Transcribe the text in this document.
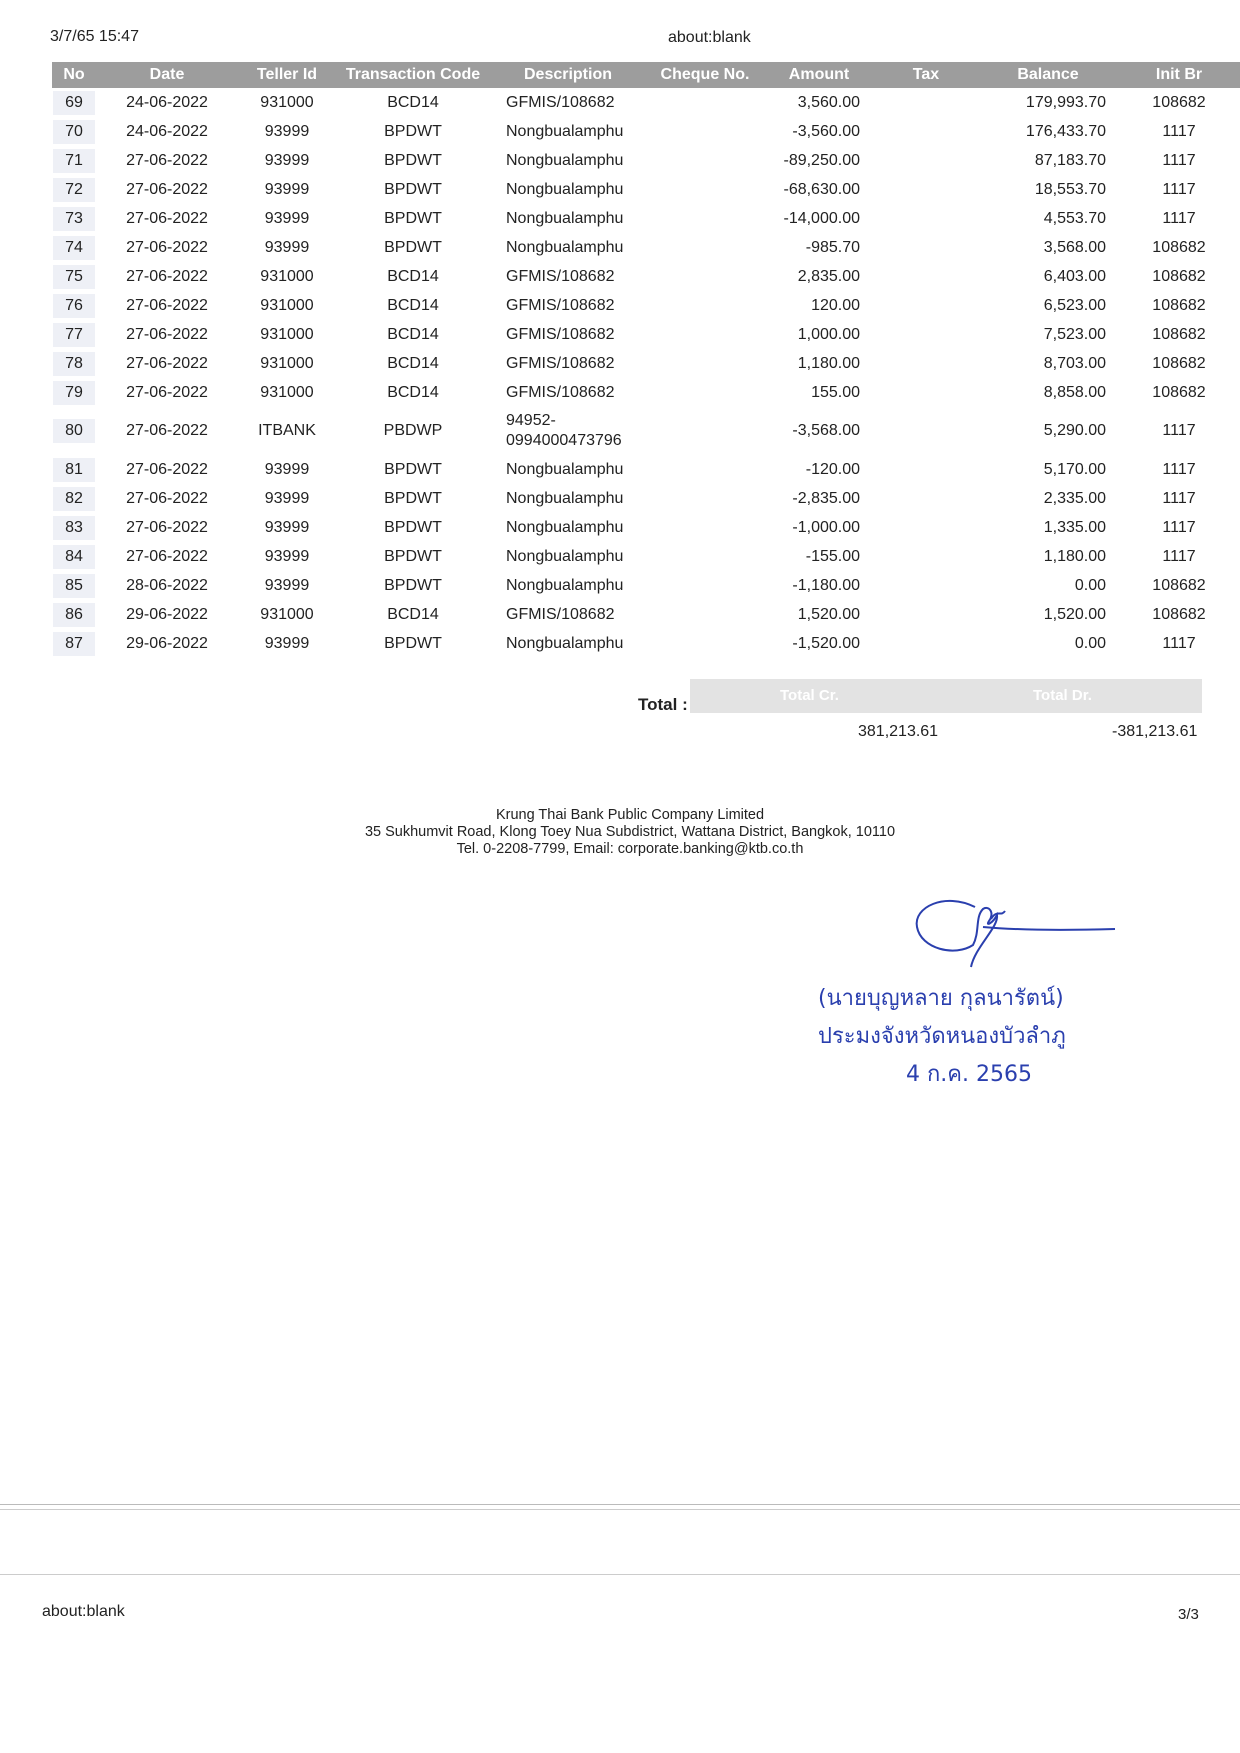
3/7/65 15:47	about:blank
No	Date	Teller Id	Transaction Code	Description	Cheque No.	Amount	Tax	Balance	Init Br
69	24-06-2022	931000	BCD14	GFMIS/108682		3,560.00		179,993.70	108682
70	24-06-2022	93999	BPDWT	Nongbualamphu		-3,560.00		176,433.70	1117
71	27-06-2022	93999	BPDWT	Nongbualamphu		-89,250.00		87,183.70	1117
72	27-06-2022	93999	BPDWT	Nongbualamphu		-68,630.00		18,553.70	1117
73	27-06-2022	93999	BPDWT	Nongbualamphu		-14,000.00		4,553.70	1117
74	27-06-2022	93999	BPDWT	Nongbualamphu		-985.70		3,568.00	108682
75	27-06-2022	931000	BCD14	GFMIS/108682		2,835.00		6,403.00	108682
76	27-06-2022	931000	BCD14	GFMIS/108682		120.00		6,523.00	108682
77	27-06-2022	931000	BCD14	GFMIS/108682		1,000.00		7,523.00	108682
78	27-06-2022	931000	BCD14	GFMIS/108682		1,180.00		8,703.00	108682
79	27-06-2022	931000	BCD14	GFMIS/108682		155.00		8,858.00	108682
80	27-06-2022	ITBANK	PBDWP	94952-
0994000473796		-3,568.00		5,290.00	1117
81	27-06-2022	93999	BPDWT	Nongbualamphu		-120.00		5,170.00	1117
82	27-06-2022	93999	BPDWT	Nongbualamphu		-2,835.00		2,335.00	1117
83	27-06-2022	93999	BPDWT	Nongbualamphu		-1,000.00		1,335.00	1117
84	27-06-2022	93999	BPDWT	Nongbualamphu		-155.00		1,180.00	1117
85	28-06-2022	93999	BPDWT	Nongbualamphu		-1,180.00		0.00	108682
86	29-06-2022	931000	BCD14	GFMIS/108682		1,520.00		1,520.00	108682
87	29-06-2022	93999	BPDWT	Nongbualamphu		-1,520.00		0.00	1117
Total :	Total Cr.	Total Dr.
381,213.61	-381,213.61
Krung Thai Bank Public Company Limited
35 Sukhumvit Road, Klong Toey Nua Subdistrict, Wattana District, Bangkok, 10110
Tel. 0-2208-7799, Email: corporate.banking@ktb.co.th
(นายบุญหลาย กุลนารัตน์)
ประมงจังหวัดหนองบัวลำภู
4 ก.ค. 2565
about:blank	3/3
